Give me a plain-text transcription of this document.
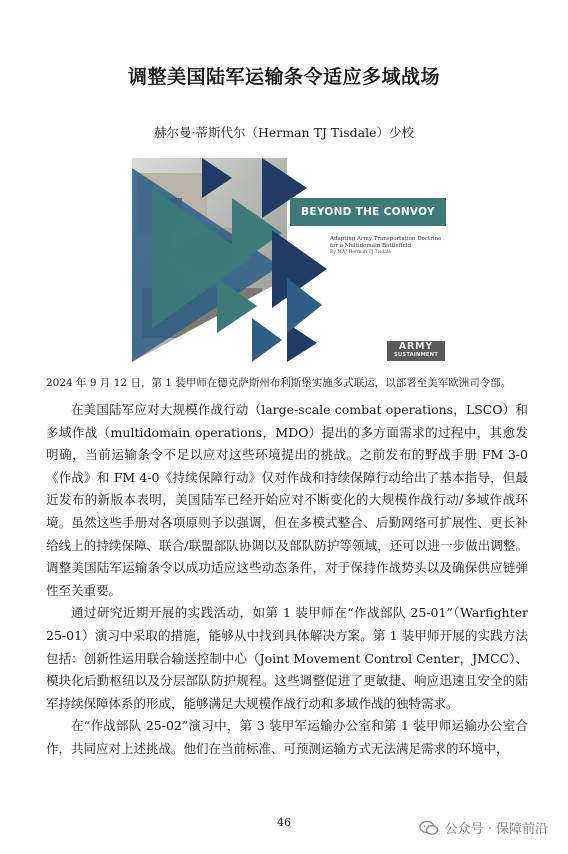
调整美国陆军运输条令适应多域战场
赫尔曼·蒂斯代尔（Herman TJ Tisdale）少校
BEYOND THE CONVOY
Adapting Army Transportation Doctrine for a Multidomain Battlefield
By MAJ Herman TJ Tisdale
ARMY
SUSTAINMENT
2024 年 9 月 12 日，第 1 装甲师在德克萨斯州布利斯堡实施多式联运，以部署至美军欧洲司令部。

在美国陆军应对大规模作战行动（large-scale combat operations，LSCO）和多域作战（multidomain operations，MDO）提出的多方面需求的过程中，其愈发明确，当前运输条令不足以应对这些环境提出的挑战。之前发布的野战手册 FM 3-0《作战》和 FM 4-0《持续保障行动》仅对作战和持续保障行动给出了基本指导，但最近发布的新版本表明，美国陆军已经开始应对不断变化的大规模作战行动/多域作战环境。虽然这些手册对各项原则予以强调，但在多模式整合、后勤网络可扩展性、更长补给线上的持续保障、联合/联盟部队协调以及部队防护等领域，还可以进一步做出调整。调整美国陆军运输条令以成功适应这些动态条件，对于保持作战势头以及确保供应链弹性至关重要。

通过研究近期开展的实践活动，如第 1 装甲师在“作战部队 25-01”（Warfighter 25-01）演习中采取的措施，能够从中找到具体解决方案。第 1 装甲师开展的实践方法包括：创新性运用联合输送控制中心（Joint Movement Control Center，JMCC）、模块化后勤枢纽以及分层部队防护规程。这些调整促进了更敏捷、响应迅速且安全的陆军持续保障体系的形成，能够满足大规模作战行动和多域作战的独特需求。

在“作战部队 25-02”演习中，第 3 装甲军运输办公室和第 1 装甲师运输办公室合作，共同应对上述挑战。他们在当前标准、可预测运输方式无法满足需求的环境中，

46	公众号 · 保障前沿
